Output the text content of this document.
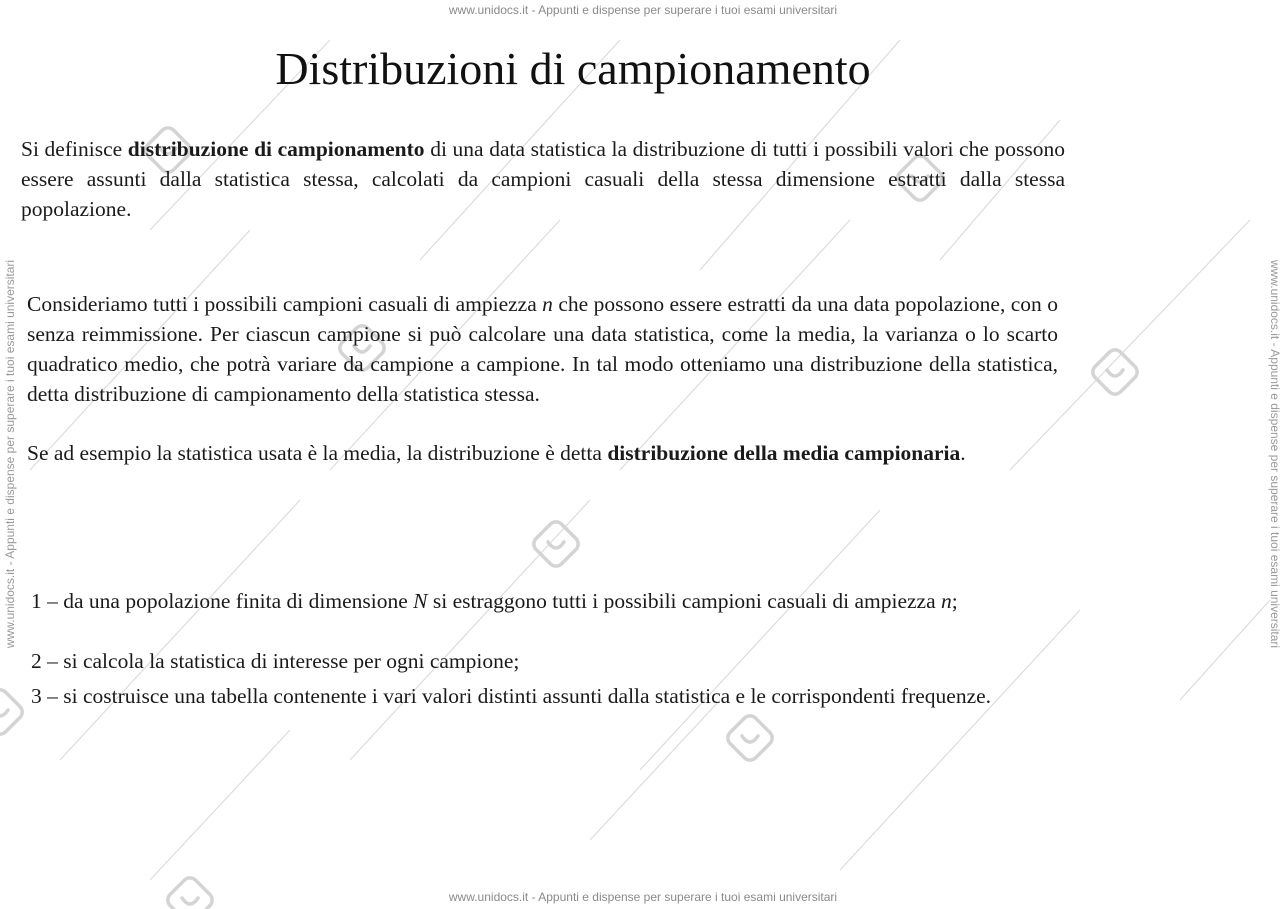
www.unidocs.it - Appunti e dispense per superare i tuoi esami universitari
www.unidocs.it - Appunti e dispense per superare i tuoi esami universitari
www.unidocs.it - Appunti e dispense per superare i tuoi esami universitari	www.unidocs.it - Appunti e dispense per superare i tuoi esami universitari
Distribuzioni di campionamento
Si definisce distribuzione di campionamento di una data statistica la distribuzione di tutti i possibili valori che possono essere assunti dalla statistica stessa, calcolati da campioni casuali della stessa dimensione estratti dalla stessa popolazione.
Consideriamo tutti i possibili campioni casuali di ampiezza n che possono essere estratti da una data popolazione, con o senza reimmissione. Per ciascun campione si può calcolare una data statistica, come la media, la varianza o lo scarto quadratico medio, che potrà variare da campione a campione. In tal modo otteniamo una distribuzione della statistica, detta distribuzione di campionamento della statistica stessa.
Se ad esempio la statistica usata è la media, la distribuzione è detta distribuzione della media campionaria.
1 – da una popolazione finita di dimensione N si estraggono tutti i possibili campioni casuali di ampiezza n;
2 – si calcola la statistica di interesse per ogni campione;
3 – si costruisce una tabella contenente i vari valori distinti assunti dalla statistica e le corrispondenti frequenze.
